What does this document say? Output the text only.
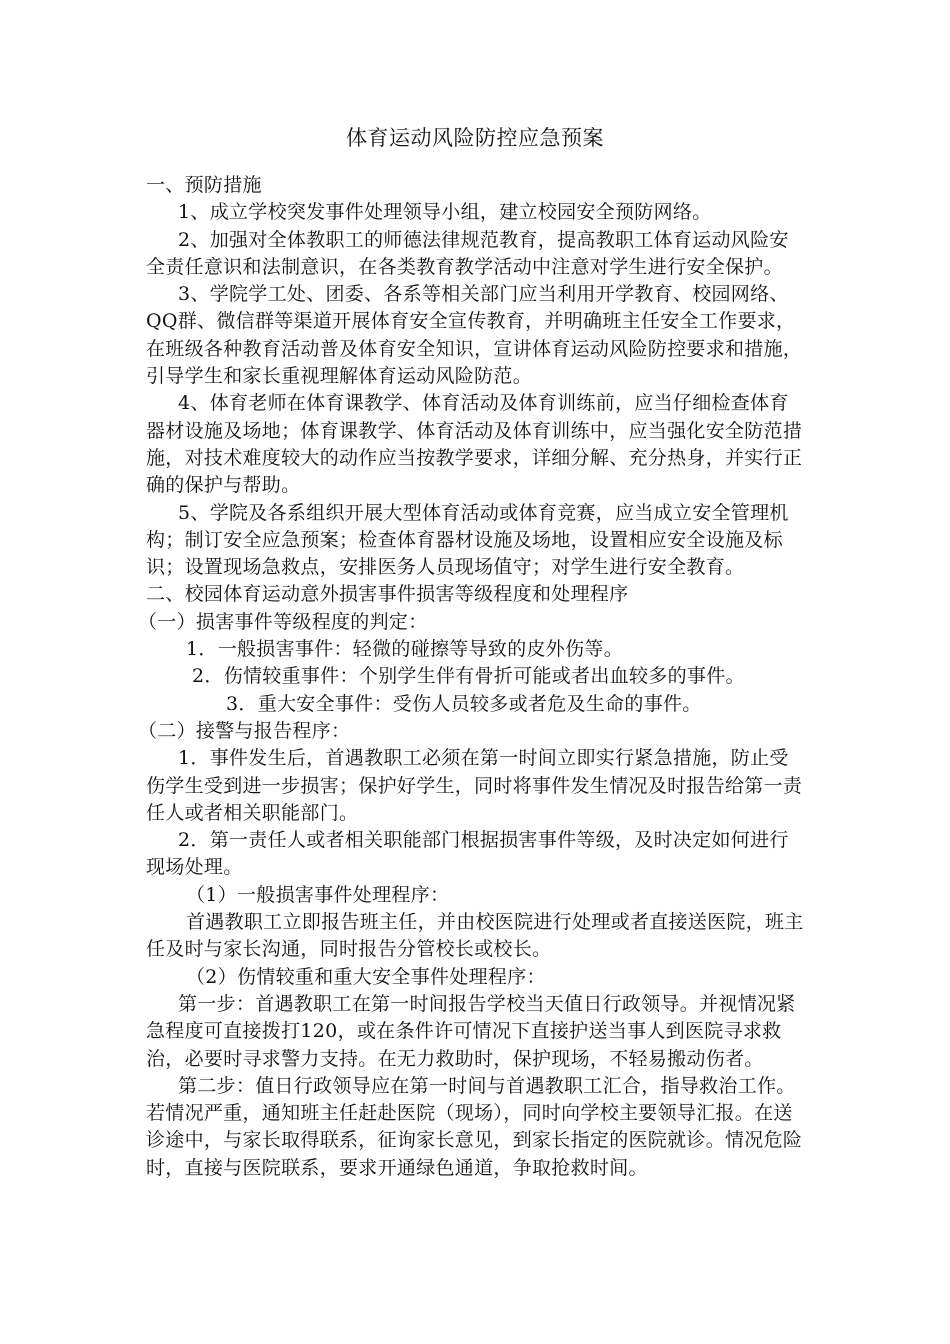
体育运动风险防控应急预案

一、预防措施

1、成立学校突发事件处理领导小组，建立校园安全预防网络。

2、加强对全体教职工的师德法律规范教育，提高教职工体育运动风险安全责任意识和法制意识，在各类教育教学活动中注意对学生进行安全保护。

3、学院学工处、团委、各系等相关部门应当利用开学教育、校园网络、QQ群、微信群等渠道开展体育安全宣传教育，并明确班主任安全工作要求，在班级各种教育活动普及体育安全知识，宣讲体育运动风险防控要求和措施，引导学生和家长重视理解体育运动风险防范。

4、体育老师在体育课教学、体育活动及体育训练前，应当仔细检查体育器材设施及场地；体育课教学、体育活动及体育训练中，应当强化安全防范措施，对技术难度较大的动作应当按教学要求，详细分解、充分热身，并实行正确的保护与帮助。

5、学院及各系组织开展大型体育活动或体育竞赛，应当成立安全管理机构；制订安全应急预案；检查体育器材设施及场地，设置相应安全设施及标识；设置现场急救点，安排医务人员现场值守；对学生进行安全教育。

二、校园体育运动意外损害事件损害等级程度和处理程序

（一）损害事件等级程度的判定：

1．一般损害事件：轻微的碰擦等导致的皮外伤等。

2．伤情较重事件：个别学生伴有骨折可能或者出血较多的事件。

3．重大安全事件：受伤人员较多或者危及生命的事件。

（二）接警与报告程序：

1．事件发生后，首遇教职工必须在第一时间立即实行紧急措施，防止受伤学生受到进一步损害；保护好学生，同时将事件发生情况及时报告给第一责任人或者相关职能部门。

2．第一责任人或者相关职能部门根据损害事件等级，及时决定如何进行现场处理。

（1）一般损害事件处理程序：

首遇教职工立即报告班主任，并由校医院进行处理或者直接送医院，班主任及时与家长沟通，同时报告分管校长或校长。

（2）伤情较重和重大安全事件处理程序：

第一步：首遇教职工在第一时间报告学校当天值日行政领导。并视情况紧急程度可直接拨打120，或在条件许可情况下直接护送当事人到医院寻求救治，必要时寻求警力支持。在无力救助时，保护现场，不轻易搬动伤者。

第二步：值日行政领导应在第一时间与首遇教职工汇合，指导救治工作。若情况严重，通知班主任赶赴医院（现场），同时向学校主要领导汇报。在送诊途中，与家长取得联系，征询家长意见，到家长指定的医院就诊。情况危险时，直接与医院联系，要求开通绿色通道，争取抢救时间。
